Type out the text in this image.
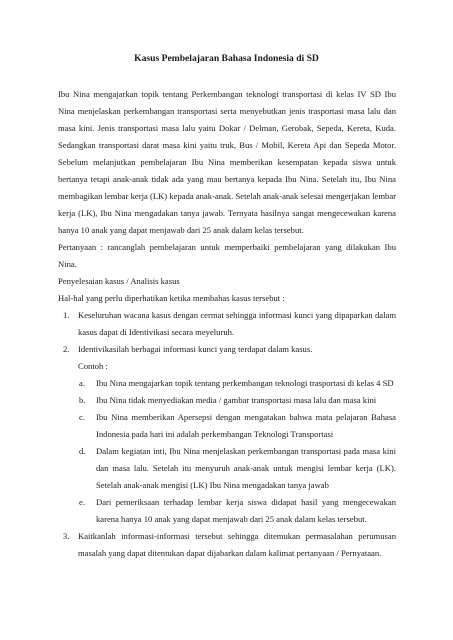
Kasus Pembelajaran Bahasa Indonesia di SD

Ibu Nina mengajarkan topik tentang Perkembangan teknologi transportasi di kelas IV SD Ibu Nina menjelaskan perkembangan transportasi serta menyebutkan jenis trasportasi masa lalu dan masa kini. Jenis transportasi masa lalu yaitu Dokar / Delman, Gerobak, Sepeda, Kereta, Kuda. Sedangkan transportasi darat masa kini yaitu truk, Bus / Mobil, Kereta Api dan Sepeda Motor. Sebelum melanjutkan pembelajaran Ibu Nina memberikan kesempatan kepada siswa untuk bertanya tetapi anak-anak tidak ada yang mau bertanya kepada Ibu Nina. Setelah itu, Ibu Nina membagikan lembar kerja (LK) kepada anak-anak. Setelah anak-anak selesai mengerjakan lembar kerja (LK), Ibu Nina mengadakan tanya jawab. Ternyata hasilnya sangat mengecewakan karena hanya 10 anak yang dapat menjawab dari 25 anak dalam kelas tersebut.

Pertanyaan : rancanglah pembelajaran untuk memperbaiki pembelajaran yang dilakukan Ibu Nina.

Penyelesaian kasus / Analisis kasus

Hal-hal yang perlu diperhatikan ketika membahas kasus tersebut :

1. Keseluruhan wacana kasus dengan cermat sehingga informasi kunci yang dipaparkan dalam kasus dapat di Identivikasi secara meyeluruh.
2. Identivikasilah berbagai informasi kunci yang terdapat dalam kasus.
Contoh :
a. Ibu Nina mengajarkan topik tentang perkembangan teknologi trasportasi di kelas 4 SD
b. Ibu Nina tidak menyediakan media / gambar transportasi masa lalu dan masa kini
c. Ibu Nina memberikan Apersepsi dengan mengatakan bahwa mata pelajaran Bahasa Indonesia pada hari ini adalah perkembangan Teknologi Transportasi
d. Dalam kegiatan inti, Ibu Nina menjelaskan perkembangan transportasi pada masa kini dan masa lalu. Setelah itu menyuruh anak-anak untuk mengisi lembar kerja (LK). Setelah anak-anak mengisi (LK) Ibu Nina mengadakan tanya jawab
e. Dari pemeriksaan terhadap lembar kerja siswa didapat hasil yang mengecewakan karena hanya 10 anak yang dapat menjawab dari 25 anak dalam kelas tersebut.
3. Kaitkanlah informasi-informasi tersebut sehingga ditemukan permasalahan perumusan masalah yang dapat ditentukan dapat dijabarkan dalam kalimat pertanyaan / Pernyataan.
